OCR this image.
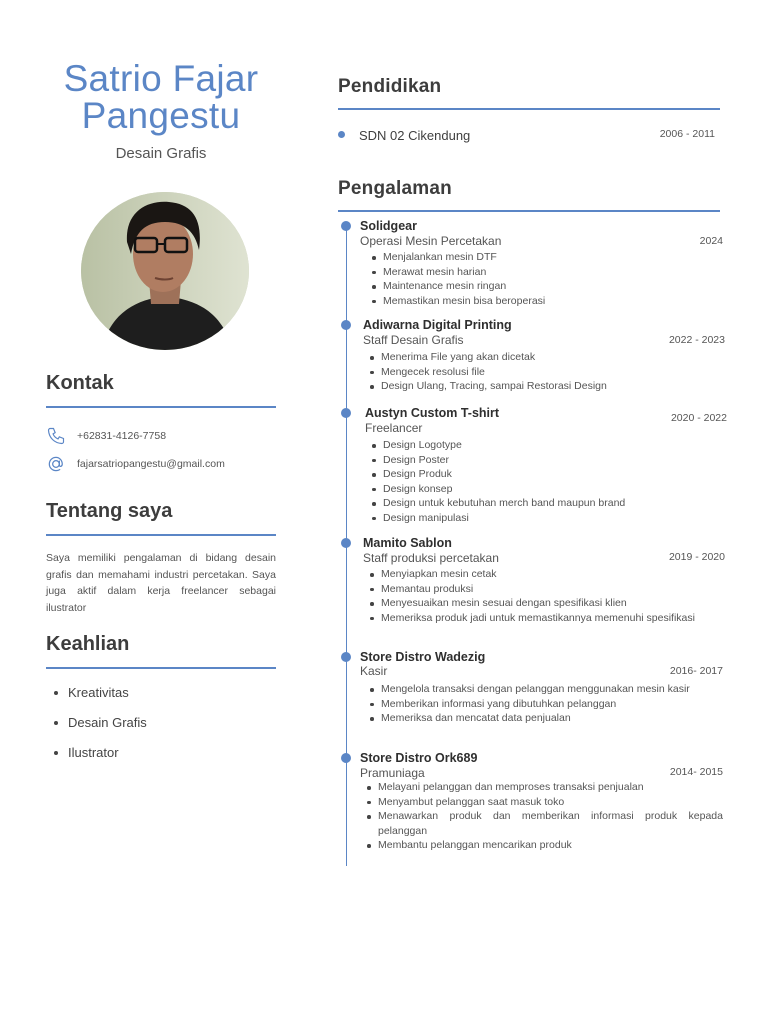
Satrio Fajar
Pangestu
Desain Grafis
Kontak
+62831-4126-7758
fajarsatriopangestu@gmail.com
Tentang saya
Saya memiliki pengalaman di bidang desain grafis dan memahami industri percetakan. Saya juga aktif dalam kerja freelancer sebagai ilustrator
Keahlian
Kreativitas
Desain Grafis
Ilustrator
Pendidikan
SDN 02 Cikendung	2006 - 2011
Pengalaman
Solidgear
Operasi Mesin Percetakan	2024
Menjalankan mesin DTF
Merawat mesin harian
Maintenance mesin ringan
Memastikan mesin bisa beroperasi
Adiwarna Digital Printing
Staff Desain Grafis	2022 - 2023
Menerima File yang akan dicetak
Mengecek resolusi file
Design Ulang, Tracing, sampai Restorasi Design
Austyn Custom T-shirt
Freelancer
2020 - 2022
Design Logotype
Design Poster
Design Produk
Design konsep
Design untuk kebutuhan merch band maupun brand
Design manipulasi
Mamito Sablon
Staff produksi percetakan	2019 - 2020
Menyiapkan mesin cetak
Memantau produksi
Menyesuaikan mesin sesuai dengan spesifikasi klien
Memeriksa produk jadi untuk memastikannya memenuhi spesifikasi
Store Distro Wadezig
Kasir	2016- 2017
Mengelola transaksi dengan pelanggan menggunakan mesin kasir
Memberikan informasi yang dibutuhkan pelanggan
Memeriksa dan mencatat data penjualan
Store Distro Ork689
Pramuniaga	2014- 2015
Melayani pelanggan dan memproses transaksi penjualan
Menyambut pelanggan saat masuk toko
Menawarkan produk dan memberikan informasi produk kepada pelanggan
Membantu pelanggan mencarikan produk
